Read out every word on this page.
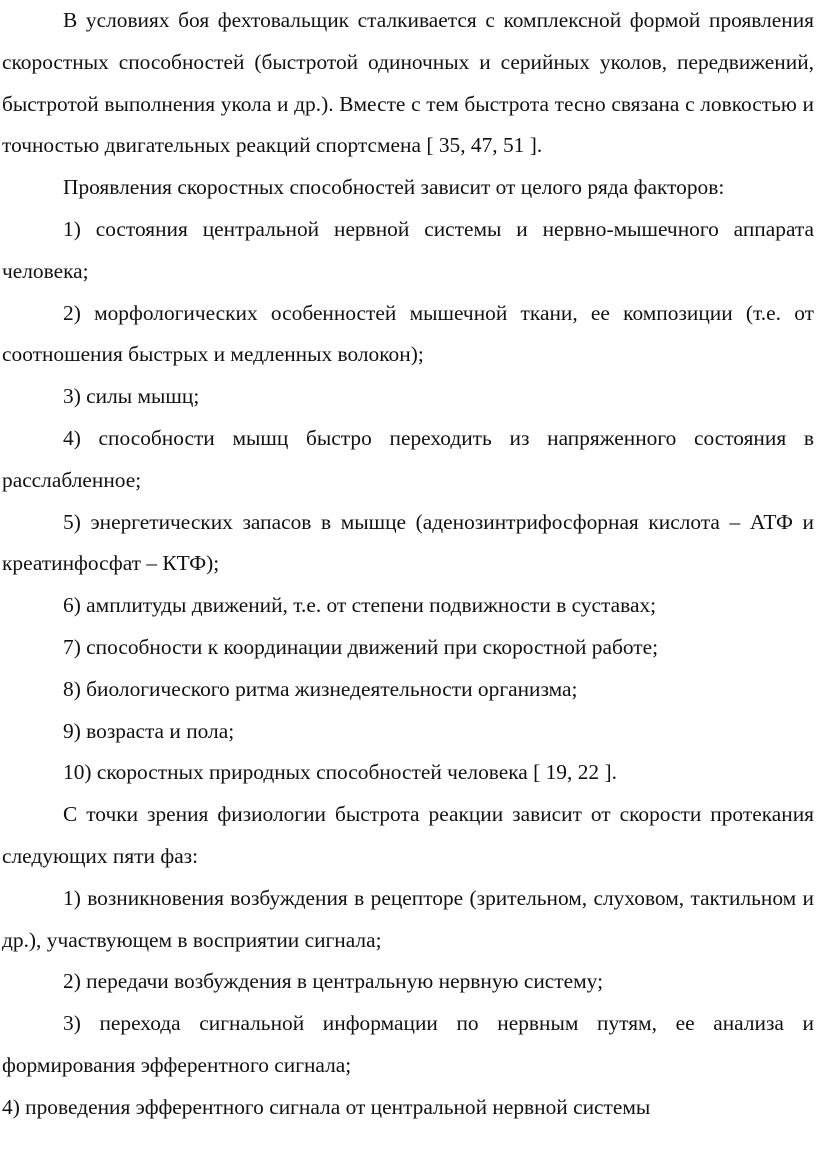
В условиях боя фехтовальщик сталкивается с комплексной формой проявления скоростных способностей (быстротой одиночных и серийных уколов, передвижений, быстротой выполнения укола и др.). Вместе с тем быстрота тесно связана с ловкостью и точностью двигательных реакций спортсмена [ 35, 47, 51 ].

Проявления скоростных способностей зависит от целого ряда факторов:

1) состояния центральной нервной системы и нервно-мышечного аппарата человека;

2) морфологических особенностей мышечной ткани, ее композиции (т.е. от соотношения быстрых и медленных волокон);

3) силы мышц;

4) способности мышц быстро переходить из напряженного состояния в расслабленное;

5) энергетических запасов в мышце (аденозинтрифосфорная кислота – АТФ и креатинфосфат – КТФ);

6) амплитуды движений, т.е. от степени подвижности в суставах;

7) способности к координации движений при скоростной работе;

8) биологического ритма жизнедеятельности организма;

9) возраста и пола;

10) скоростных природных способностей человека [ 19, 22 ].

С точки зрения физиологии быстрота реакции зависит от скорости протекания следующих пяти фаз:

1) возникновения возбуждения в рецепторе (зрительном, слуховом, тактильном и др.), участвующем в восприятии сигнала;

2) передачи возбуждения в центральную нервную систему;

3) перехода сигнальной информации по нервным путям, ее анализа и формирования эфферентного сигнала;

4) проведения эфферентного сигнала от центральной нервной системы
